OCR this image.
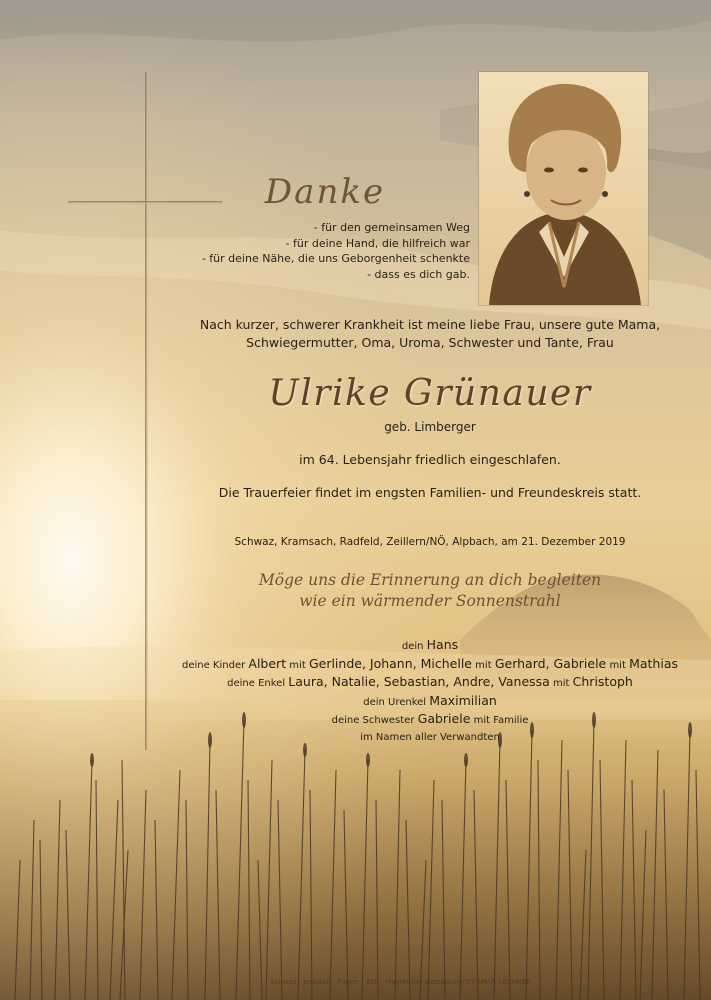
Danke
- für den gemeinsamen Weg
- für deine Hand, die hilfreich war
- für deine Nähe, die uns Geborgenheit schenkte
- dass es dich gab.
Nach kurzer, schwerer Krankheit ist meine liebe Frau, unsere gute Mama,
Schwiegermutter, Oma, Uroma, Schwester und Tante, Frau
Ulrike Grünauer
geb. Limberger
im 64. Lebensjahr friedlich eingeschlafen.
Die Trauerfeier findet im engsten Familien- und Freundeskreis statt.
Schwaz, Kramsach, Radfeld, Zeillern/NÖ, Alpbach, am 21. Dezember 2019
Möge uns die Erinnerung an dich begleiten
wie ein wärmender Sonnenstrahl
dein Hans
deine Kinder Albert mit Gerlinde, Johann, Michelle mit Gerhard, Gabriele mit Mathias
deine Enkel Laura, Natalie, Sebastian, Andre, Vanessa mit Christoph
dein Urenkel Maximilian
deine Schwester Gabriele mit Familie
im Namen aller Verwandten
Schwaz · Jenbach · Fügen · Zell · Mayrhofen Bestattung OTHMAR LECHNER
